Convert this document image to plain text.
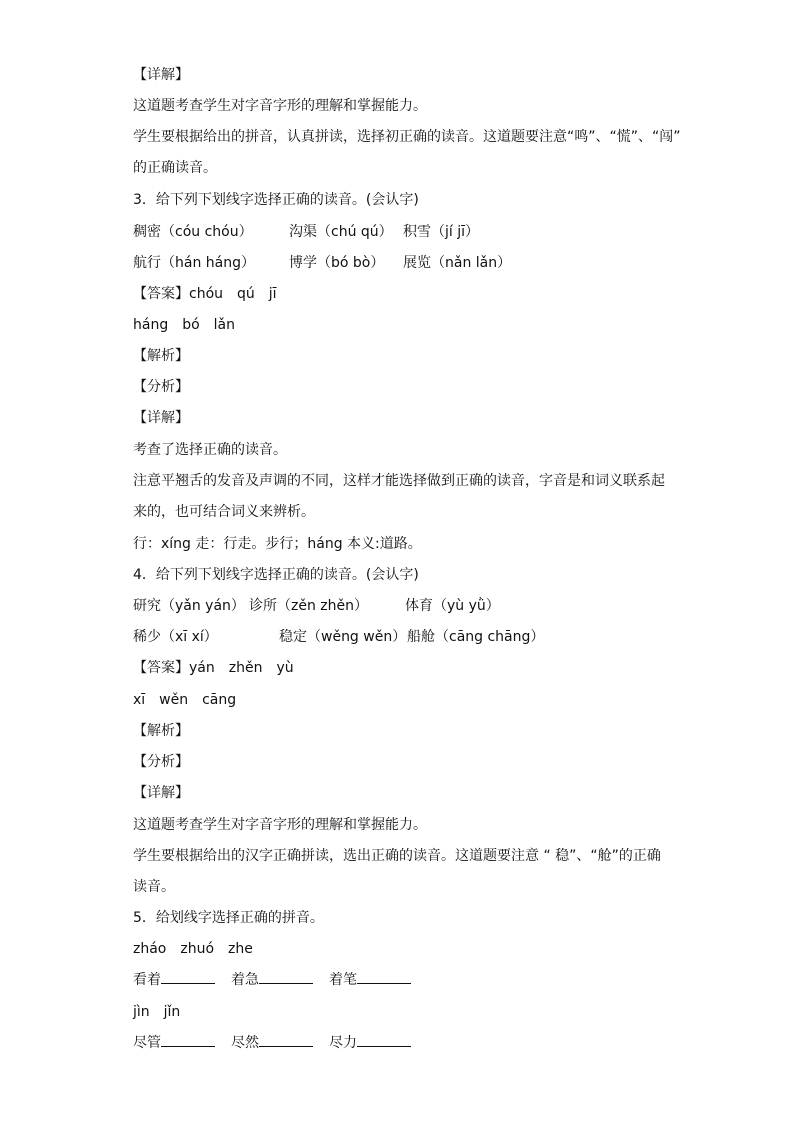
【详解】
这道题考查学生对字音字形的理解和掌握能力。
学生要根据给出的拼音，认真拼读，选择初正确的读音。这道题要注意“鸣”、“慌”、“闯”
的正确读音。
3．给下列下划线字选择正确的读音。(会认字)
稠密（cóu chóu）	沟渠（chú qú） 积雪（jí jī）
航行（hán háng） 博学（bó bò） 展览（nǎn lǎn）
【答案】chóu　qú　jī
háng　bó　lǎn
【解析】
【分析】
【详解】
考查了选择正确的读音。
注意平翘舌的发音及声调的不同，这样才能选择做到正确的读音，字音是和词义联系起
来的，也可结合词义来辨析。
行：xíng 走：行走。步行；háng 本义:道路。
4．给下列下划线字选择正确的读音。(会认字)
研究（yǎn yán） 诊所（zěn zhěn）	体育（yù yǜ）
稀少（xī xí）	稳定（wěng wěn）船舱（cāng chāng）
【答案】yán　zhěn　yù
xī　wěn　cāng
【解析】
【分析】
【详解】
这道题考查学生对字音字形的理解和掌握能力。
学生要根据给出的汉字正确拼读，选出正确的读音。这道题要注意 “ 稳”、“舱”的正确
读音。
5．给划线字选择正确的拼音。
zháo　zhuó　zhe
看着	着急	着笔
jìn　jǐn
尽管	尽然	尽力
